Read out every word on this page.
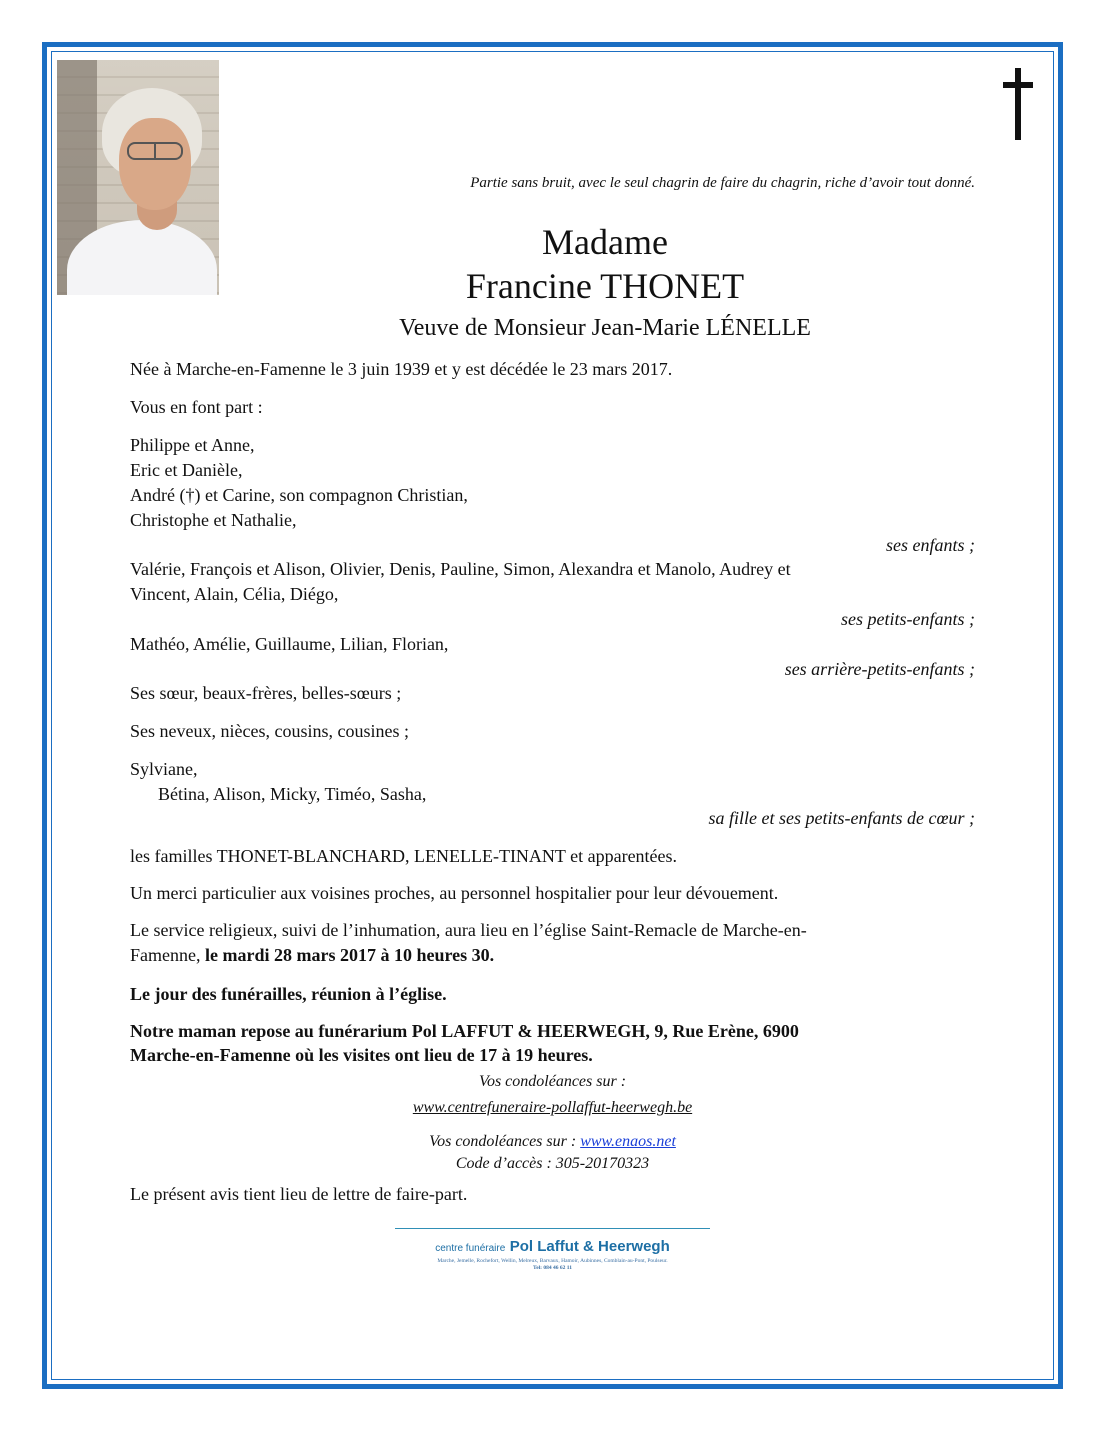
Partie sans bruit, avec le seul chagrin de faire du chagrin, riche d’avoir tout donné.
Madame
Francine THONET
Veuve de Monsieur Jean-Marie LÉNELLE
Née à Marche-en-Famenne le 3 juin 1939 et y est décédée le 23 mars 2017.
Vous en font part :
Philippe et Anne,
Eric et Danièle,
André (†) et Carine, son compagnon Christian,
Christophe et Nathalie,
ses enfants ;
Valérie, François et Alison, Olivier, Denis, Pauline, Simon, Alexandra et Manolo, Audrey et
Vincent, Alain, Célia, Diégo,
ses petits-enfants ;
Mathéo, Amélie, Guillaume, Lilian, Florian,
ses arrière-petits-enfants ;
Ses sœur, beaux-frères, belles-sœurs ;
Ses neveux, nièces, cousins, cousines ;
Sylviane,
Bétina, Alison, Micky, Timéo, Sasha,
sa fille et ses petits-enfants de cœur ;
les familles THONET-BLANCHARD, LENELLE-TINANT et apparentées.
Un merci particulier aux voisines proches, au personnel hospitalier pour leur dévouement.
Le service religieux, suivi de l’inhumation, aura lieu en l’église Saint-Remacle de Marche-en-
Famenne, le mardi 28 mars 2017 à 10 heures 30.
Le jour des funérailles, réunion à l’église.
Notre maman repose au funérarium Pol LAFFUT & HEERWEGH, 9, Rue Erène, 6900
Marche-en-Famenne où les visites ont lieu de 17 à 19 heures.
Vos condoléances sur :
www.centrefuneraire-pollaffut-heerwegh.be
Vos condoléances sur : www.enaos.net
Code d’accès : 305-20170323
Le présent avis tient lieu de lettre de faire-part.
centre funéraire Pol Laffut & Heerwegh
Marche, Jemelle, Rochefort, Wellin, Melreux, Barvaux, Hamoir, Aubinnes, Comblain-au-Pont, Poulseur.
Tel: 084 46 62 11
